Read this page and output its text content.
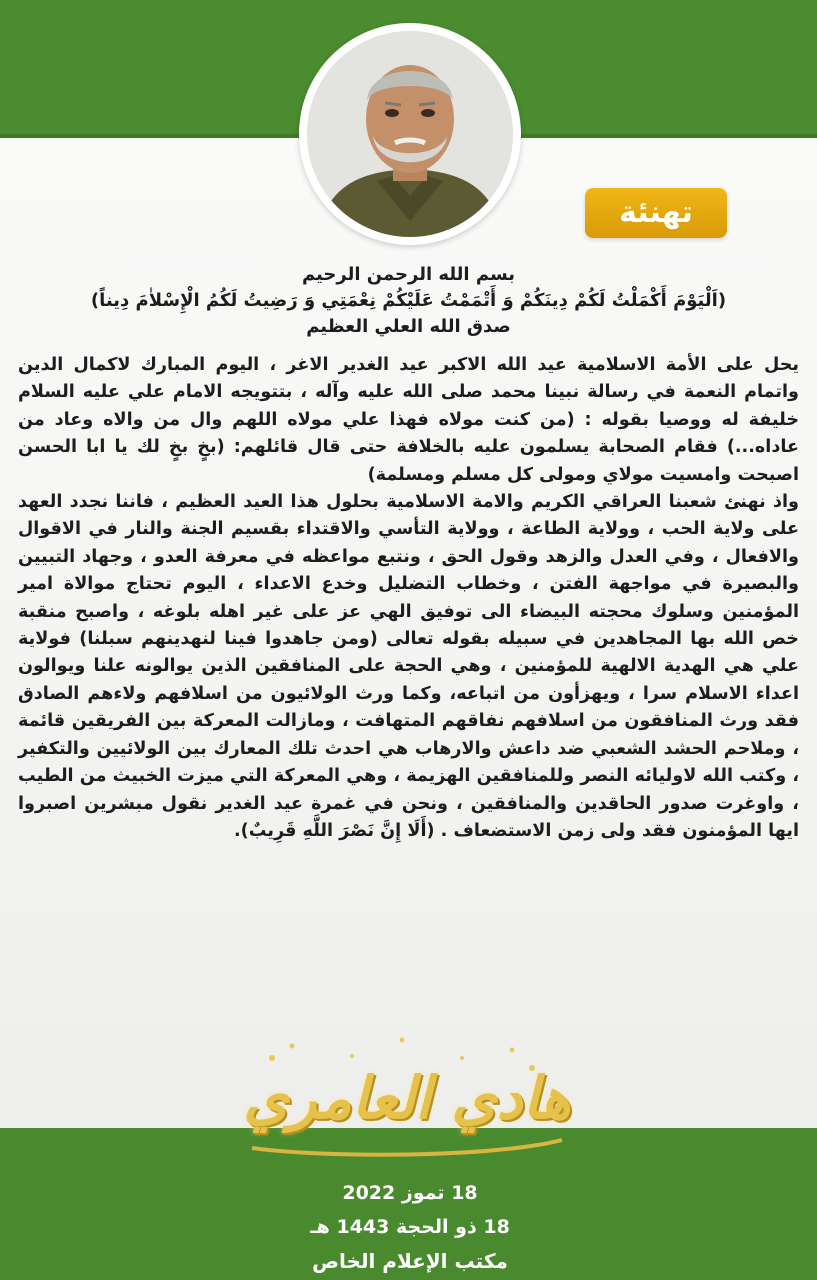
تهنئة
بسم الله الرحمن الرحيم
(اَلْيَوْمَ أَكْمَلْتُ لَكُمْ دِينَكُمْ وَ أَتْمَمْتُ عَلَيْكُمْ نِعْمَتِي وَ رَضِيتُ لَكُمُ الْإِسْلاٰمَ دِيناً)
صدق الله العلي العظيم
يحل على الأمة الاسلامية عيد الله الاكبر عيد الغدير الاغر ، اليوم المبارك لاكمال الدين واتمام النعمة في رسالة نبينا محمد صلى الله عليه وآله ، بتتويجه الامام علي عليه السلام خليفة له ووصيا بقوله : (من كنت مولاه فهذا علي مولاه اللهم وال من والاه وعاد من عاداه...) فقام الصحابة يسلمون عليه بالخلافة حتى قال قائلهم: (بخٍ بخٍ لك يا ابا الحسن اصبحت وامسيت مولاي ومولى كل مسلم ومسلمة)
واذ نهنئ شعبنا العراقي الكريم والامة الاسلامية بحلول هذا العيد العظيم ، فاننا نجدد العهد على ولاية الحب ، وولاية الطاعة ، وولاية التأسي والاقتداء بقسيم الجنة والنار في الاقوال والافعال ، وفي العدل والزهد وقول الحق ، ونتبع مواعظه في معرفة العدو ، وجهاد التبيين والبصيرة في مواجهة الفتن ، وخطاب التضليل وخدع الاعداء ، اليوم تحتاج موالاة امير المؤمنين وسلوك محجته البيضاء الى توفيق الهي عز على غير اهله بلوغه ، واصبح منقبة خص الله بها المجاهدين في سبيله بقوله تعالى (ومن جاهدوا فينا لنهدينهم سبلنا) فولاية علي هي الهدية الالهية للمؤمنين ، وهي الحجة على المنافقين الذين يوالونه علنا ويوالون اعداء الاسلام سرا ، ويهزأون من اتباعه، وكما ورث الولائيون من اسلافهم ولاءهم الصادق فقد ورث المنافقون من اسلافهم نفاقهم المتهافت ، ومازالت المعركة بين الفريقين قائمة ، وملاحم الحشد الشعبي ضد داعش والارهاب هي احدث تلك المعارك بين الولائيين والتكفير ، وكتب الله لاوليائه النصر وللمنافقين الهزيمة ، وهي المعركة التي ميزت الخبيث من الطيب ، واوغرت صدور الحاقدين والمنافقين ، ونحن في غمرة عيد الغدير نقول مبشرين اصبروا ايها المؤمنون فقد ولى زمن الاستضعاف . (أَلَا إِنَّ نَصْرَ اللَّهِ قَرِيبٌ).
هادي العامري
18 تموز 2022
18 ذو الحجة 1443 هـ
مكتب الإعلام الخاص
